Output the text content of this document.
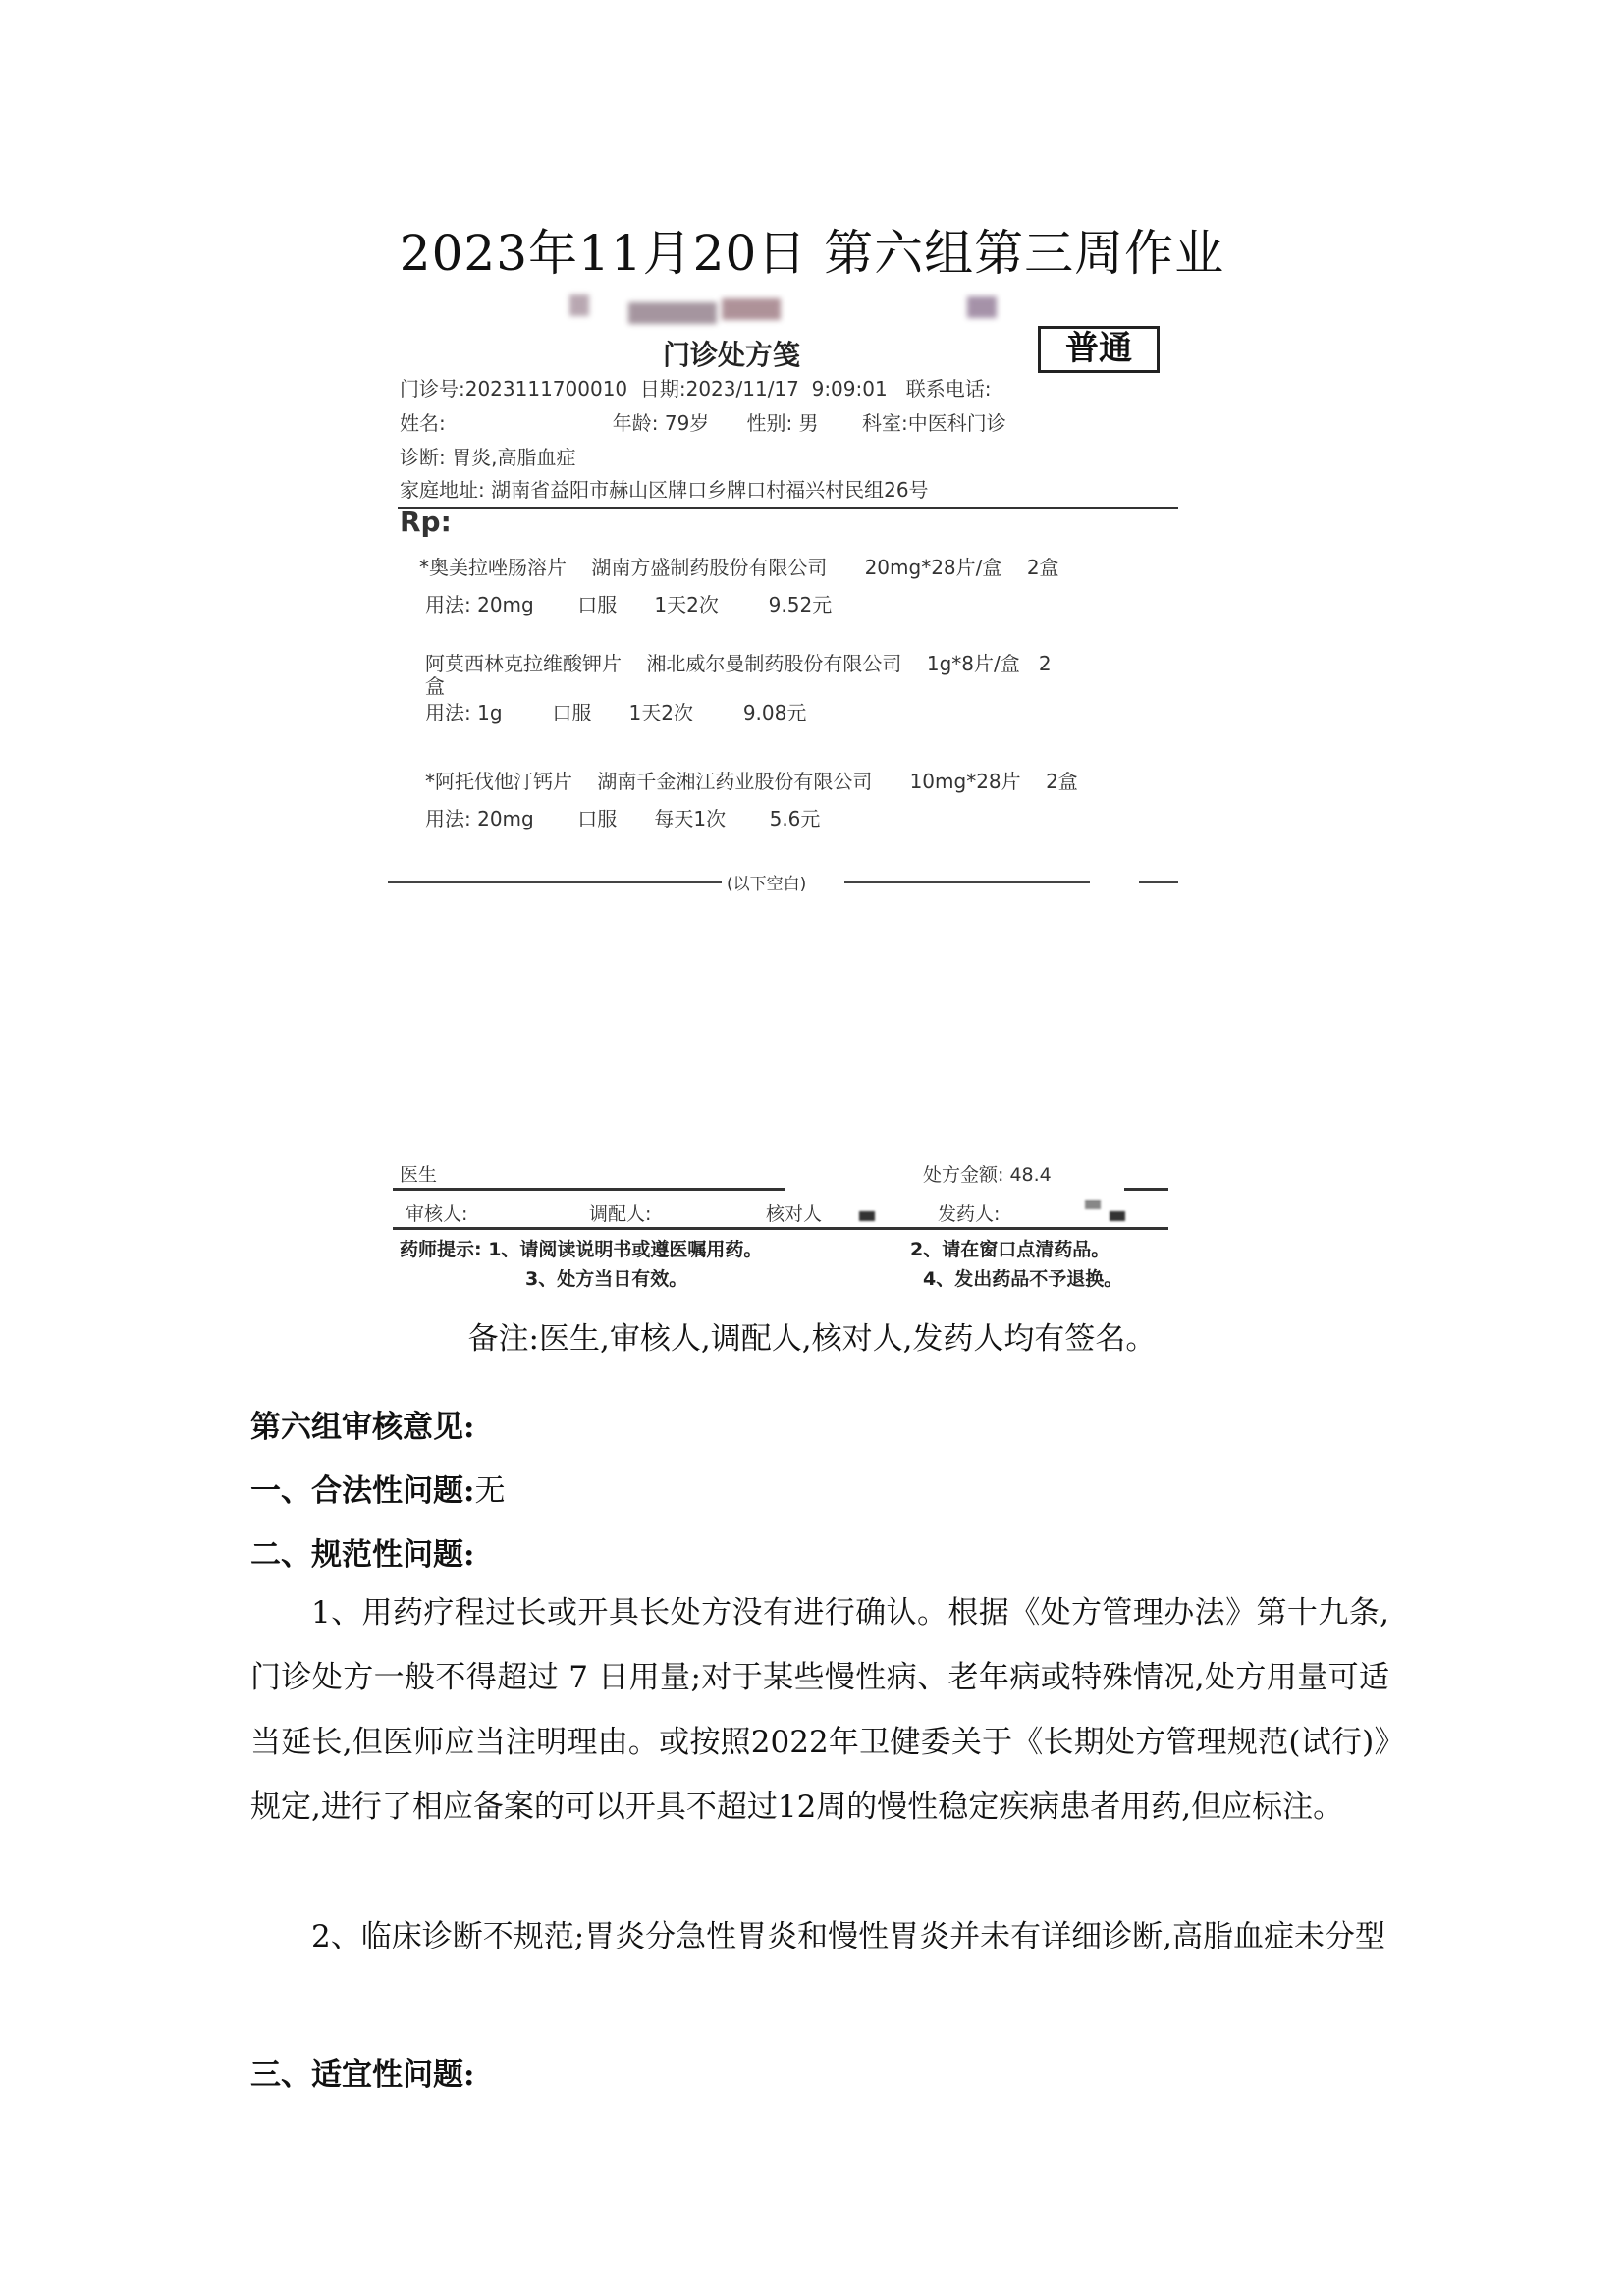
2023年11月20日 第六组第三周作业
门诊处方笺	普通
门诊号:2023111700010  日期:2023/11/17  9:09:01   联系电话:
姓名:	年龄: 79岁      性别: 男       科室:中医科门诊
诊断: 胃炎,高脂血症
家庭地址: 湖南省益阳市赫山区牌口乡牌口村福兴村民组26号
Rp:
*奥美拉唑肠溶片    湖南方盛制药股份有限公司      20mg*28片/盒    2盒
用法: 20mg       口服      1天2次        9.52元
阿莫西林克拉维酸钾片    湘北威尔曼制药股份有限公司    1g*8片/盒   2
盒
用法: 1g        口服      1天2次        9.08元
*阿托伐他汀钙片    湖南千金湘江药业股份有限公司      10mg*28片    2盒
用法: 20mg       口服      每天1次       5.6元
(以下空白)
医生	处方金额: 48.4
审核人:	调配人:	核对人	发药人:
药师提示: 1、请阅读说明书或遵医嘱用药。	2、请在窗口点清药品。
3、处方当日有效。	4、发出药品不予退换。
备注:医生,审核人,调配人,核对人,发药人均有签名。
第六组审核意见:
一、合法性问题:无
二、规范性问题:
1、用药疗程过长或开具长处方没有进行确认。根据《处方管理办法》第十九条,门诊处方一般不得超过 7 日用量;对于某些慢性病、老年病或特殊情况,处方用量可适当延长,但医师应当注明理由。或按照2022年卫健委关于《长期处方管理规范(试行)》规定,进行了相应备案的可以开具不超过12周的慢性稳定疾病患者用药,但应标注。
2、临床诊断不规范;胃炎分急性胃炎和慢性胃炎并未有详细诊断,高脂血症未分型
三、适宜性问题:
